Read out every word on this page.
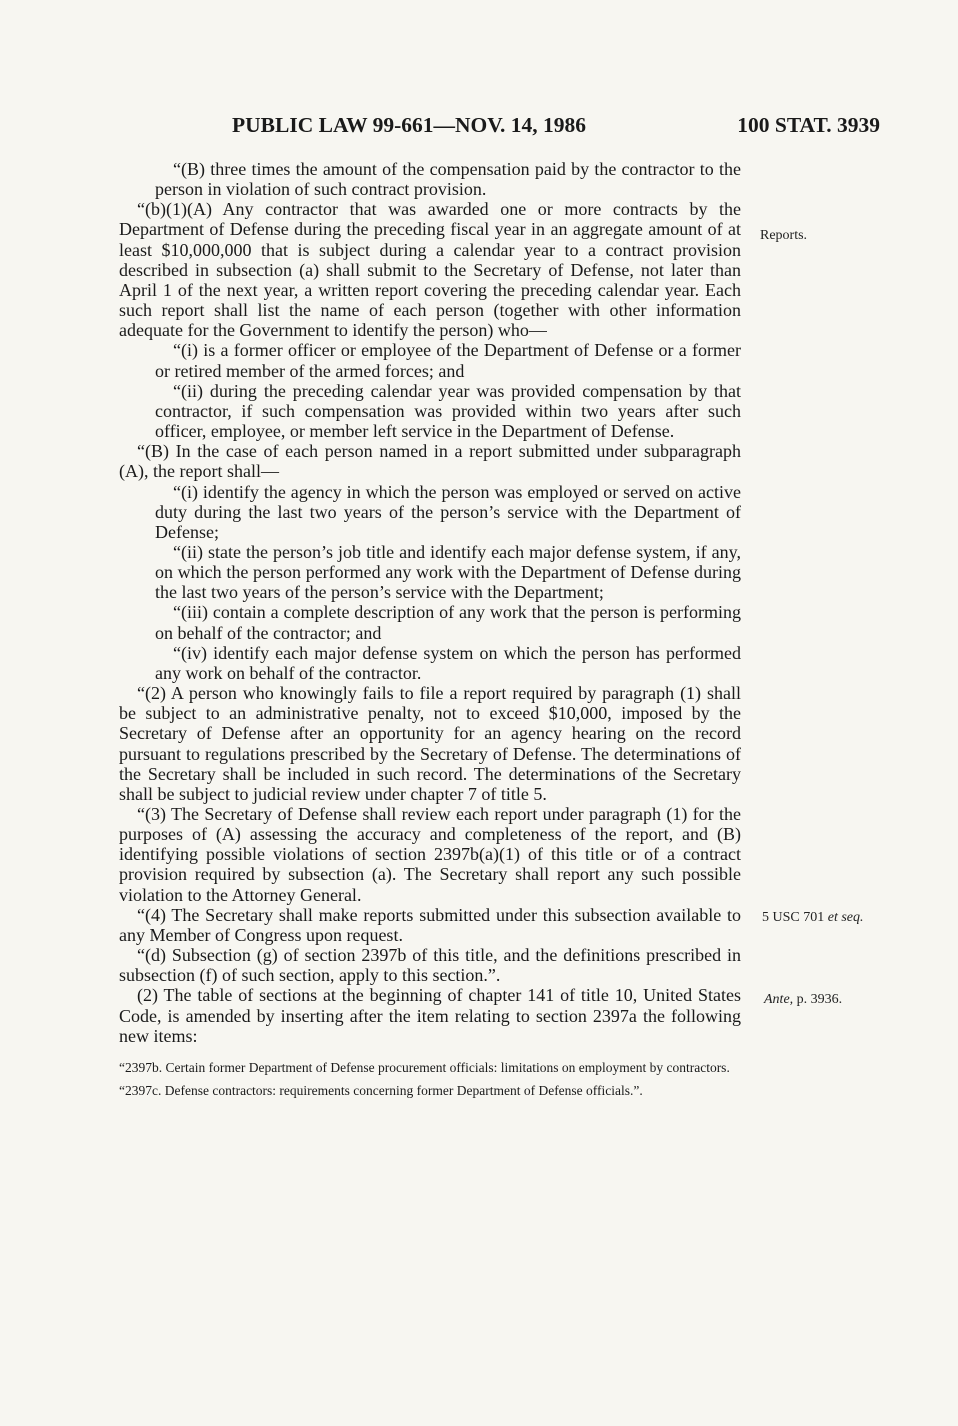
PUBLIC LAW 99-661—NOV. 14, 1986	100 STAT. 3939

“(B) three times the amount of the compensation paid by the contractor to the person in violation of such contract provision.

“(b)(1)(A) Any contractor that was awarded one or more contracts by the Department of Defense during the preceding fiscal year in an aggregate amount of at least $10,000,000 that is subject during a calendar year to a contract provision described in subsection (a) shall submit to the Secretary of Defense, not later than April 1 of the next year, a written report covering the preceding calendar year. Each such report shall list the name of each person (together with other information adequate for the Government to identify the person) who—

“(i) is a former officer or employee of the Department of Defense or a former or retired member of the armed forces; and

“(ii) during the preceding calendar year was provided compensation by that contractor, if such compensation was provided within two years after such officer, employee, or member left service in the Department of Defense.

“(B) In the case of each person named in a report submitted under subparagraph (A), the report shall—

“(i) identify the agency in which the person was employed or served on active duty during the last two years of the person’s service with the Department of Defense;

“(ii) state the person’s job title and identify each major defense system, if any, on which the person performed any work with the Department of Defense during the last two years of the person’s service with the Department;

“(iii) contain a complete description of any work that the person is performing on behalf of the contractor; and

“(iv) identify each major defense system on which the person has performed any work on behalf of the contractor.

“(2) A person who knowingly fails to file a report required by paragraph (1) shall be subject to an administrative penalty, not to exceed $10,000, imposed by the Secretary of Defense after an opportunity for an agency hearing on the record pursuant to regulations prescribed by the Secretary of Defense. The determinations of the Secretary shall be included in such record. The determinations of the Secretary shall be subject to judicial review under chapter 7 of title 5.

“(3) The Secretary of Defense shall review each report under paragraph (1) for the purposes of (A) assessing the accuracy and completeness of the report, and (B) identifying possible violations of section 2397b(a)(1) of this title or of a contract provision required by subsection (a). The Secretary shall report any such possible violation to the Attorney General.

“(4) The Secretary shall make reports submitted under this subsection available to any Member of Congress upon request.

“(d) Subsection (g) of section 2397b of this title, and the definitions prescribed in subsection (f) of such section, apply to this section.”.

(2) The table of sections at the beginning of chapter 141 of title 10, United States Code, is amended by inserting after the item relating to section 2397a the following new items:

“2397b. Certain former Department of Defense procurement officials: limitations on employment by contractors.

“2397c. Defense contractors: requirements concerning former Department of Defense officials.”.

Reports.
5 USC 701 et seq.
Ante, p. 3936.
